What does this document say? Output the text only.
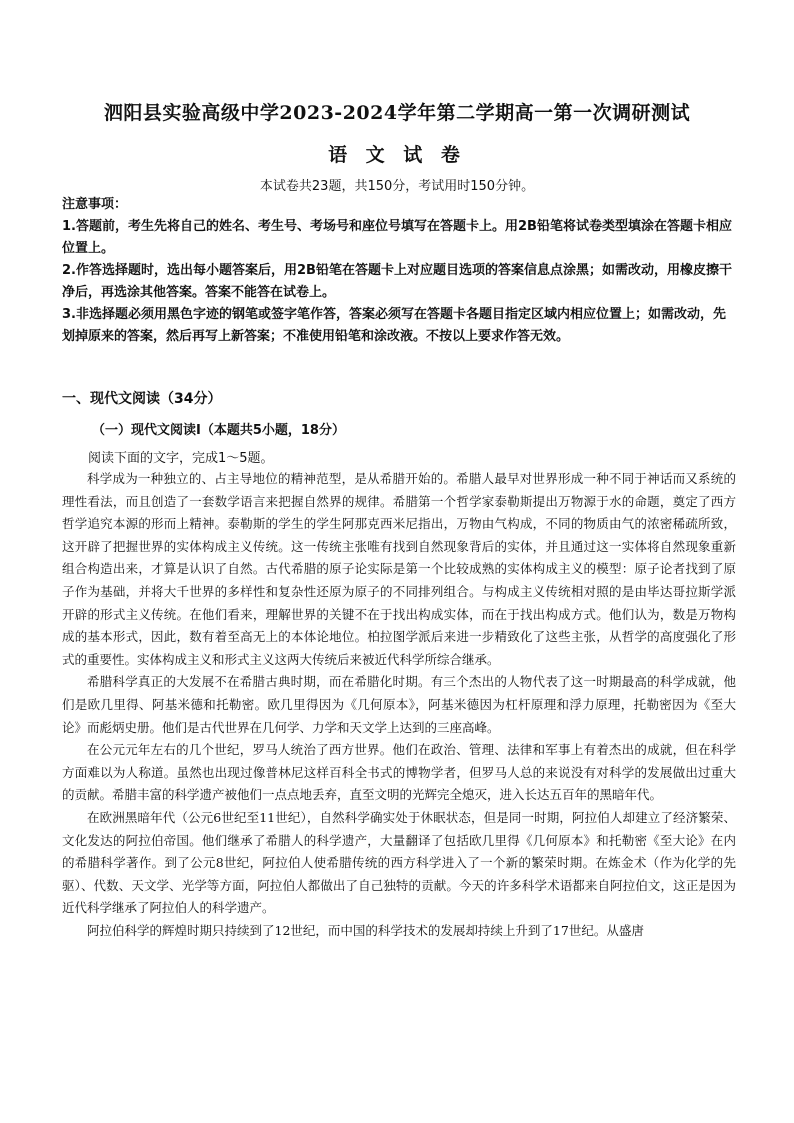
泗阳县实验高级中学2023-2024学年第二学期高一第一次调研测试
语 文 试 卷
本试卷共23题，共150分，考试用时150分钟。
注意事项：
1.答题前，考生先将自己的姓名、考生号、考场号和座位号填写在答题卡上。用2B铅笔将试卷类型填涂在答题卡相应位置上。
2.作答选择题时，选出每小题答案后，用2B铅笔在答题卡上对应题目选项的答案信息点涂黑；如需改动，用橡皮擦干净后，再选涂其他答案。答案不能答在试卷上。
3.非选择题必须用黑色字迹的钢笔或签字笔作答，答案必须写在答题卡各题目指定区域内相应位置上；如需改动，先划掉原来的答案，然后再写上新答案；不准使用铅笔和涂改液。不按以上要求作答无效。
一、现代文阅读（34分）
（一）现代文阅读Ⅰ（本题共5小题，18分）
阅读下面的文字，完成1～5题。

科学成为一种独立的、占主导地位的精神范型，是从希腊开始的。希腊人最早对世界形成一种不同于神话而又系统的理性看法，而且创造了一套数学语言来把握自然界的规律。希腊第一个哲学家泰勒斯提出万物源于水的命题，奠定了西方哲学追究本源的形而上精神。泰勒斯的学生的学生阿那克西米尼指出，万物由气构成，不同的物质由气的浓密稀疏所致，这开辟了把握世界的实体构成主义传统。这一传统主张唯有找到自然现象背后的实体，并且通过这一实体将自然现象重新组合构造出来，才算是认识了自然。古代希腊的原子论实际是第一个比较成熟的实体构成主义的模型：原子论者找到了原子作为基础，并将大千世界的多样性和复杂性还原为原子的不同排列组合。与构成主义传统相对照的是由毕达哥拉斯学派开辟的形式主义传统。在他们看来，理解世界的关键不在于找出构成实体，而在于找出构成方式。他们认为，数是万物构成的基本形式，因此，数有着至高无上的本体论地位。柏拉图学派后来进一步精致化了这些主张，从哲学的高度强化了形式的重要性。实体构成主义和形式主义这两大传统后来被近代科学所综合继承。

希腊科学真正的大发展不在希腊古典时期，而在希腊化时期。有三个杰出的人物代表了这一时期最高的科学成就，他们是欧几里得、阿基米德和托勒密。欧几里得因为《几何原本》，阿基米德因为杠杆原理和浮力原理，托勒密因为《至大论》而彪炳史册。他们是古代世界在几何学、力学和天文学上达到的三座高峰。

在公元元年左右的几个世纪，罗马人统治了西方世界。他们在政治、管理、法律和军事上有着杰出的成就，但在科学方面难以为人称道。虽然也出现过像普林尼这样百科全书式的博物学者，但罗马人总的来说没有对科学的发展做出过重大的贡献。希腊丰富的科学遗产被他们一点点地丢弃，直至文明的光辉完全熄灭，进入长达五百年的黑暗年代。

在欧洲黑暗年代（公元6世纪至11世纪），自然科学确实处于休眠状态，但是同一时期，阿拉伯人却建立了经济繁荣、文化发达的阿拉伯帝国。他们继承了希腊人的科学遗产，大量翻译了包括欧几里得《几何原本》和托勒密《至大论》在内的希腊科学著作。到了公元8世纪，阿拉伯人使希腊传统的西方科学进入了一个新的繁荣时期。在炼金术（作为化学的先驱）、代数、天文学、光学等方面，阿拉伯人都做出了自己独特的贡献。今天的许多科学术语都来自阿拉伯文，这正是因为近代科学继承了阿拉伯人的科学遗产。

阿拉伯科学的辉煌时期只持续到了12世纪，而中国的科学技术的发展却持续上升到了17世纪。从盛唐
